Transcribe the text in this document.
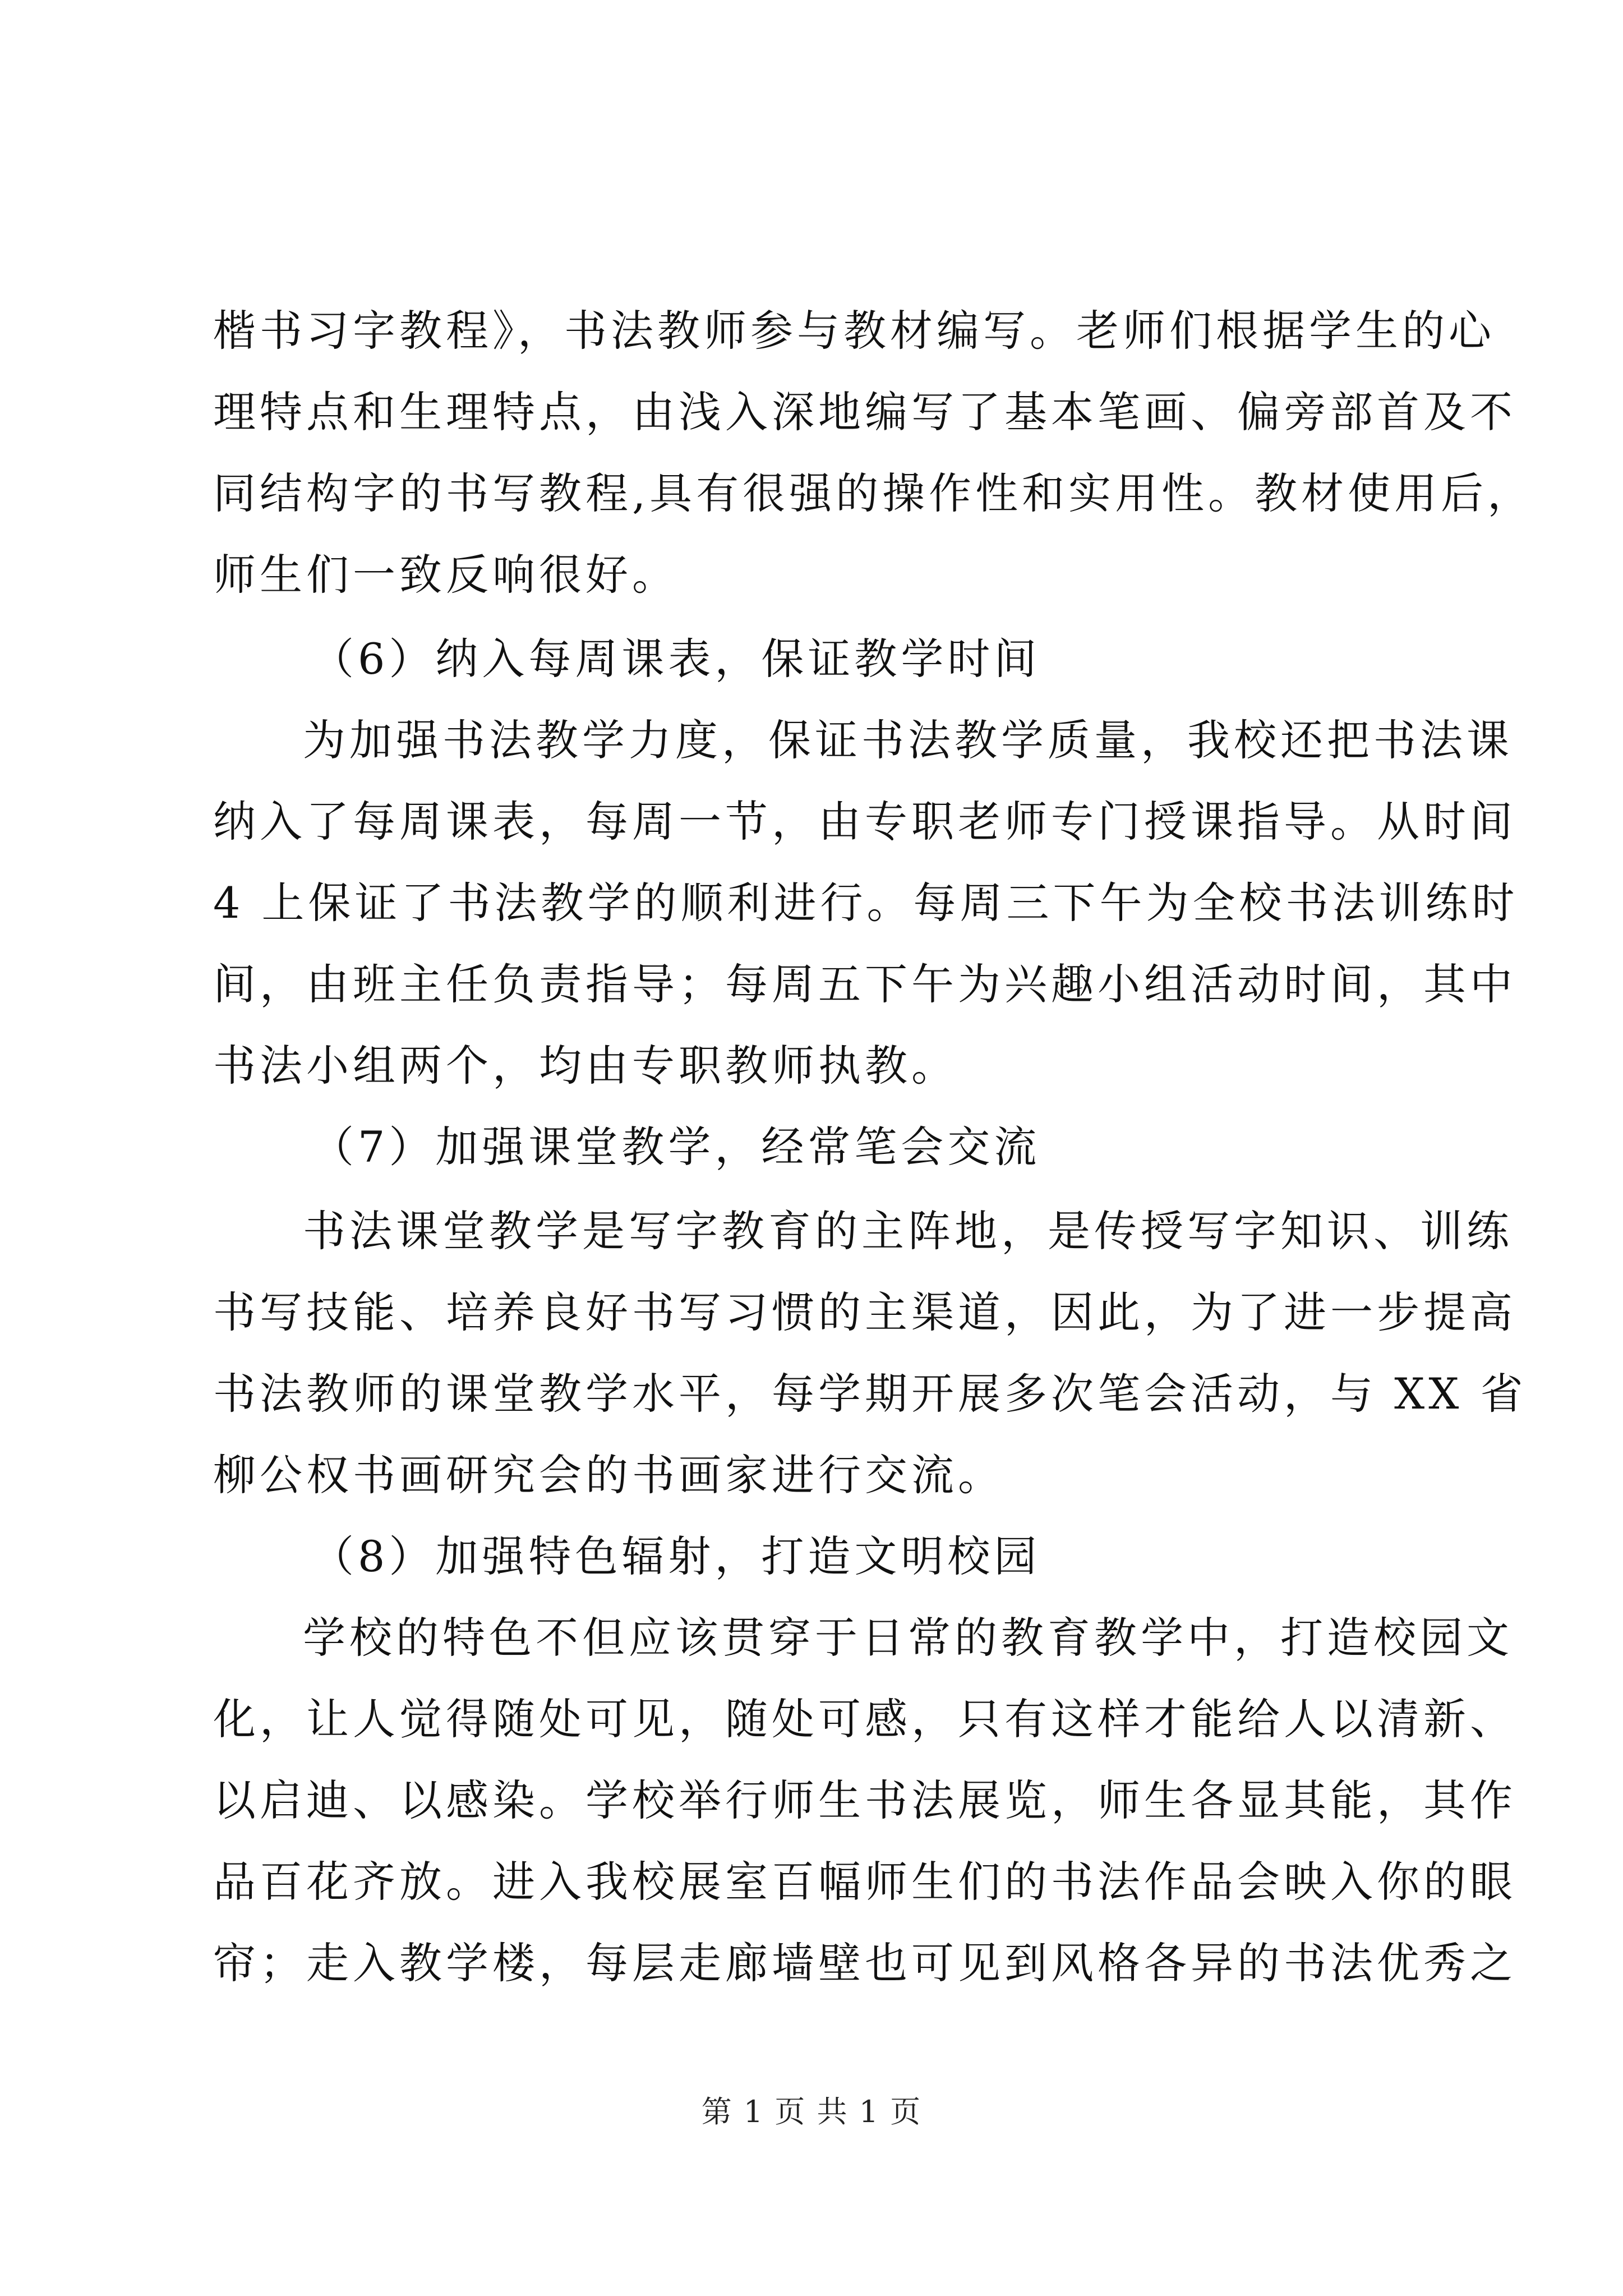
楷书习字教程》，书法教师参与教材编写。老师们根据学生的心
理特点和生理特点，由浅入深地编写了基本笔画、偏旁部首及不
同结构字的书写教程,具有很强的操作性和实用性。教材使用后，
师生们一致反响很好。
（6）纳入每周课表，保证教学时间
为加强书法教学力度，保证书法教学质量，我校还把书法课
纳入了每周课表，每周一节，由专职老师专门授课指导。从时间
4 上保证了书法教学的顺利进行。每周三下午为全校书法训练时
间，由班主任负责指导；每周五下午为兴趣小组活动时间，其中
书法小组两个，均由专职教师执教。
（7）加强课堂教学，经常笔会交流
书法课堂教学是写字教育的主阵地，是传授写字知识、训练
书写技能、培养良好书写习惯的主渠道，因此，为了进一步提高
书法教师的课堂教学水平，每学期开展多次笔会活动，与 XX 省
柳公权书画研究会的书画家进行交流。
（8）加强特色辐射，打造文明校园
学校的特色不但应该贯穿于日常的教育教学中，打造校园文
化，让人觉得随处可见，随处可感，只有这样才能给人以清新、
以启迪、以感染。学校举行师生书法展览，师生各显其能，其作
品百花齐放。进入我校展室百幅师生们的书法作品会映入你的眼
帘；走入教学楼，每层走廊墙壁也可见到风格各异的书法优秀之
第 1 页 共 1 页
